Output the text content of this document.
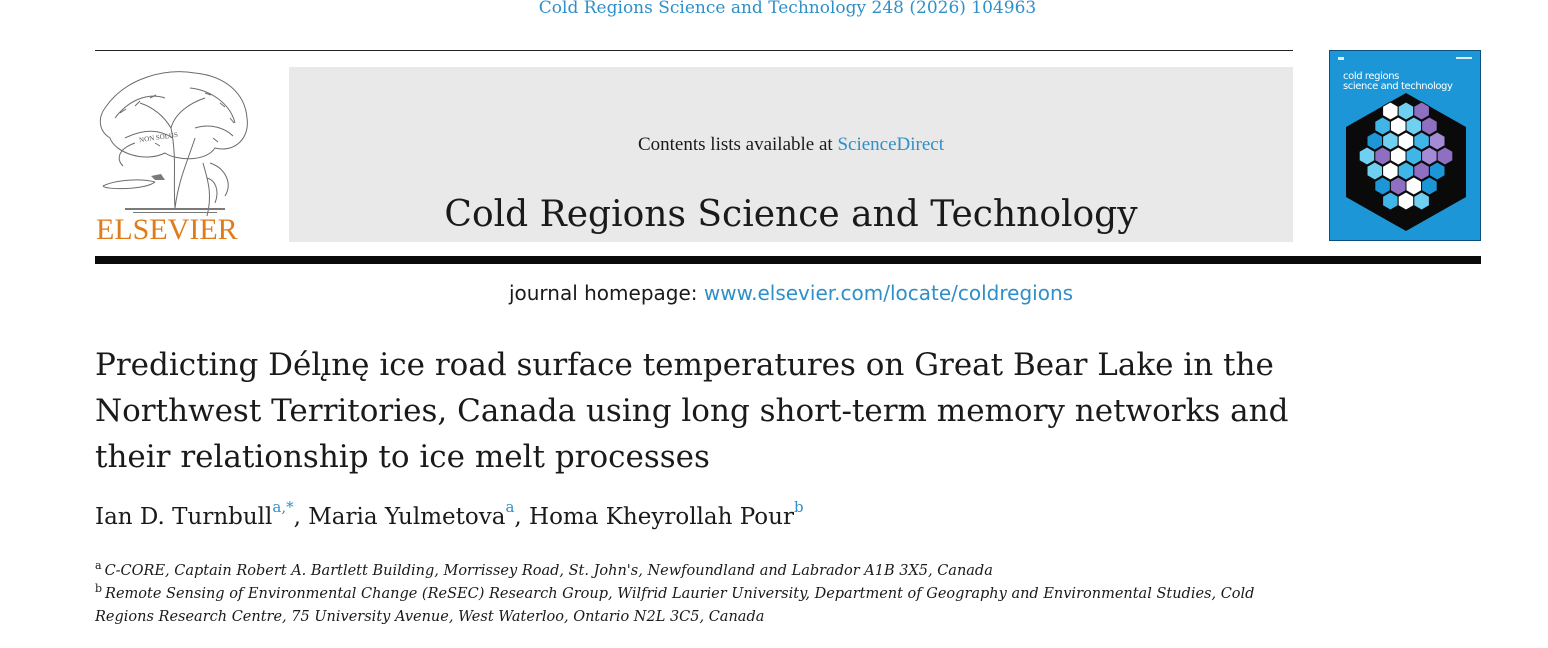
Cold Regions Science and Technology 248 (2026) 104963
NON SOLUS
ELSEVIER
Contents lists available at ScienceDirect
Cold Regions Science and Technology
journal homepage: www.elsevier.com/locate/coldregions
cold regions
science and technology
Predicting Délı̨nę ice road surface temperatures on Great Bear Lake in the Northwest Territories, Canada using long short-term memory networks and their relationship to ice melt processes
Ian D. Turnbull$^{a,*}$, Maria Yulmetova$^a$, Homa Kheyrollah Pour$^b$
$^a$ C-CORE, Captain Robert A. Bartlett Building, Morrissey Road, St. John's, Newfoundland and Labrador A1B 3X5, Canada
$^b$ Remote Sensing of Environmental Change (ReSEC) Research Group, Wilfrid Laurier University, Department of Geography and Environmental Studies, Cold Regions Research Centre, 75 University Avenue, West Waterloo, Ontario N2L 3C5, Canada
